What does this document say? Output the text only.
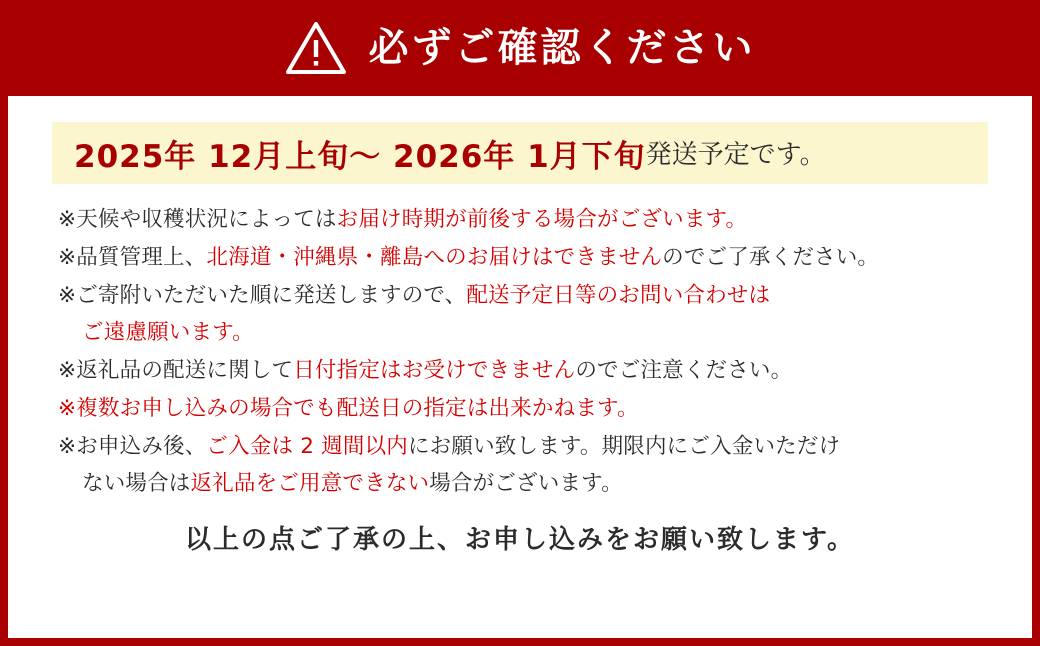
必ずご確認ください
2025年 12月上旬〜 2026年 1月下旬 発送予定です。
※天候や収穫状況によってはお届け時期が前後する場合がございます。
※品質管理上、北海道・沖縄県・離島へのお届けはできませんのでご了承ください。
※ご寄附いただいた順に発送しますので、配送予定日等のお問い合わせは
ご遠慮願います。
※返礼品の配送に関して日付指定はお受けできませんのでご注意ください。
※複数お申し込みの場合でも配送日の指定は出来かねます。
※お申込み後、ご入金は 2 週間以内にお願い致します。期限内にご入金いただけ
ない場合は返礼品をご用意できない場合がございます。
以上の点ご了承の上、お申し込みをお願い致します。
